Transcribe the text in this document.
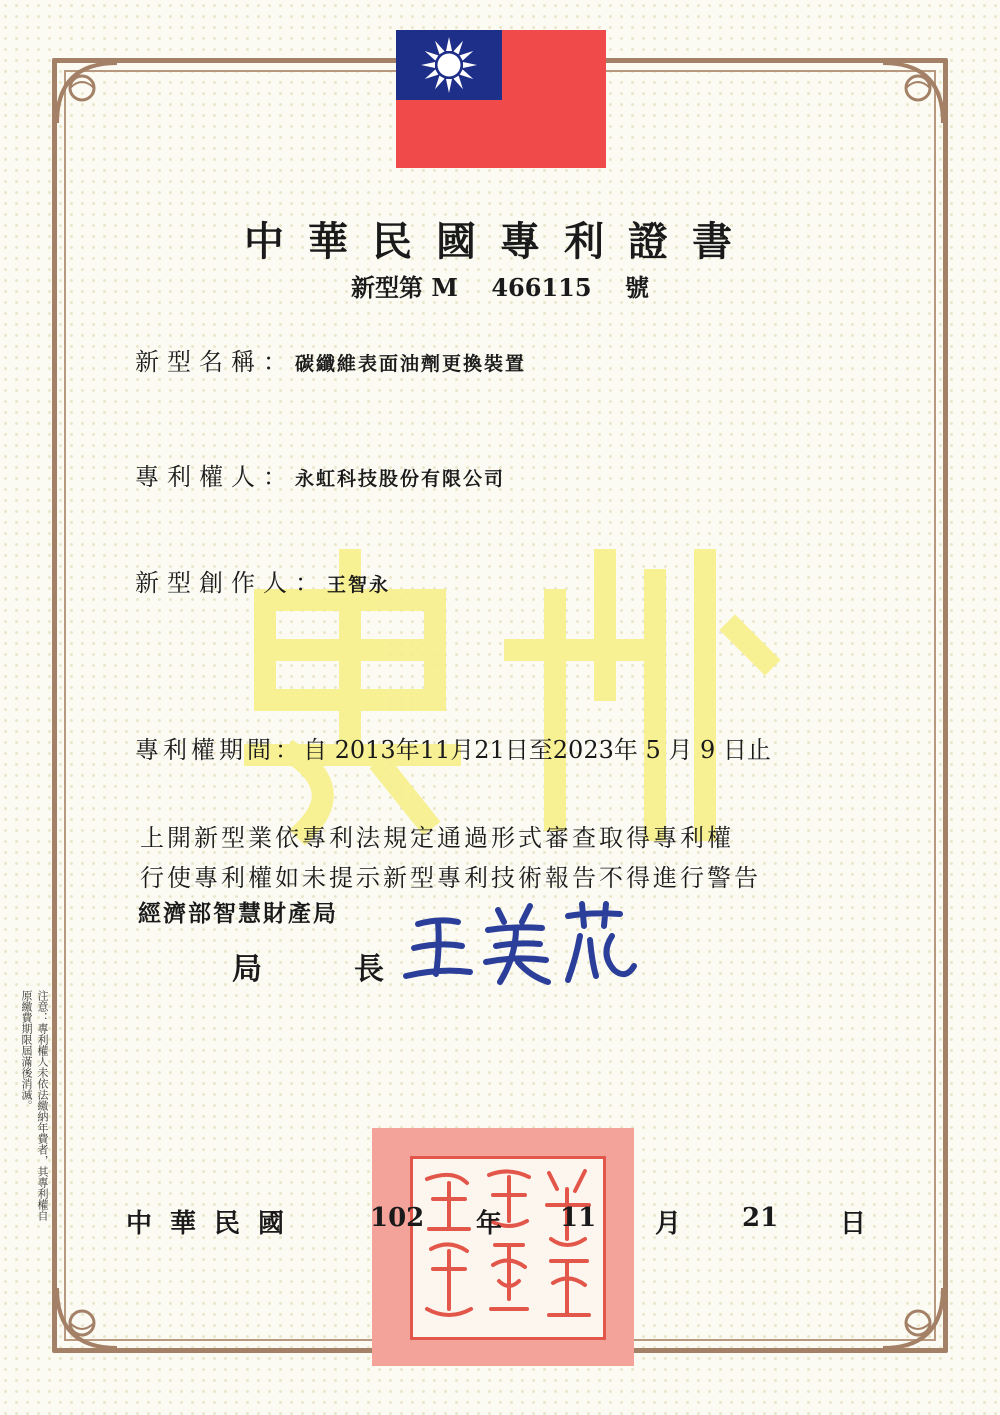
中華民國專利證書
新型第 M 466115 號
新型名稱：碳纖維表面油劑更換裝置
專利權人：永虹科技股份有限公司
新型創作人：王智永
專利權期間：自 2013年11月21日至2023年 5 月 9 日止
上開新型業依專利法規定通過形式審查取得專利權
行使專利權如未提示新型專利技術報告不得進行警告
經濟部智慧財產局
局	長
注意：專利權人未依法繳納年費者，其專利權自原繳費期限屆滿後消滅。
中華民國	102 年 11 月 21 日
